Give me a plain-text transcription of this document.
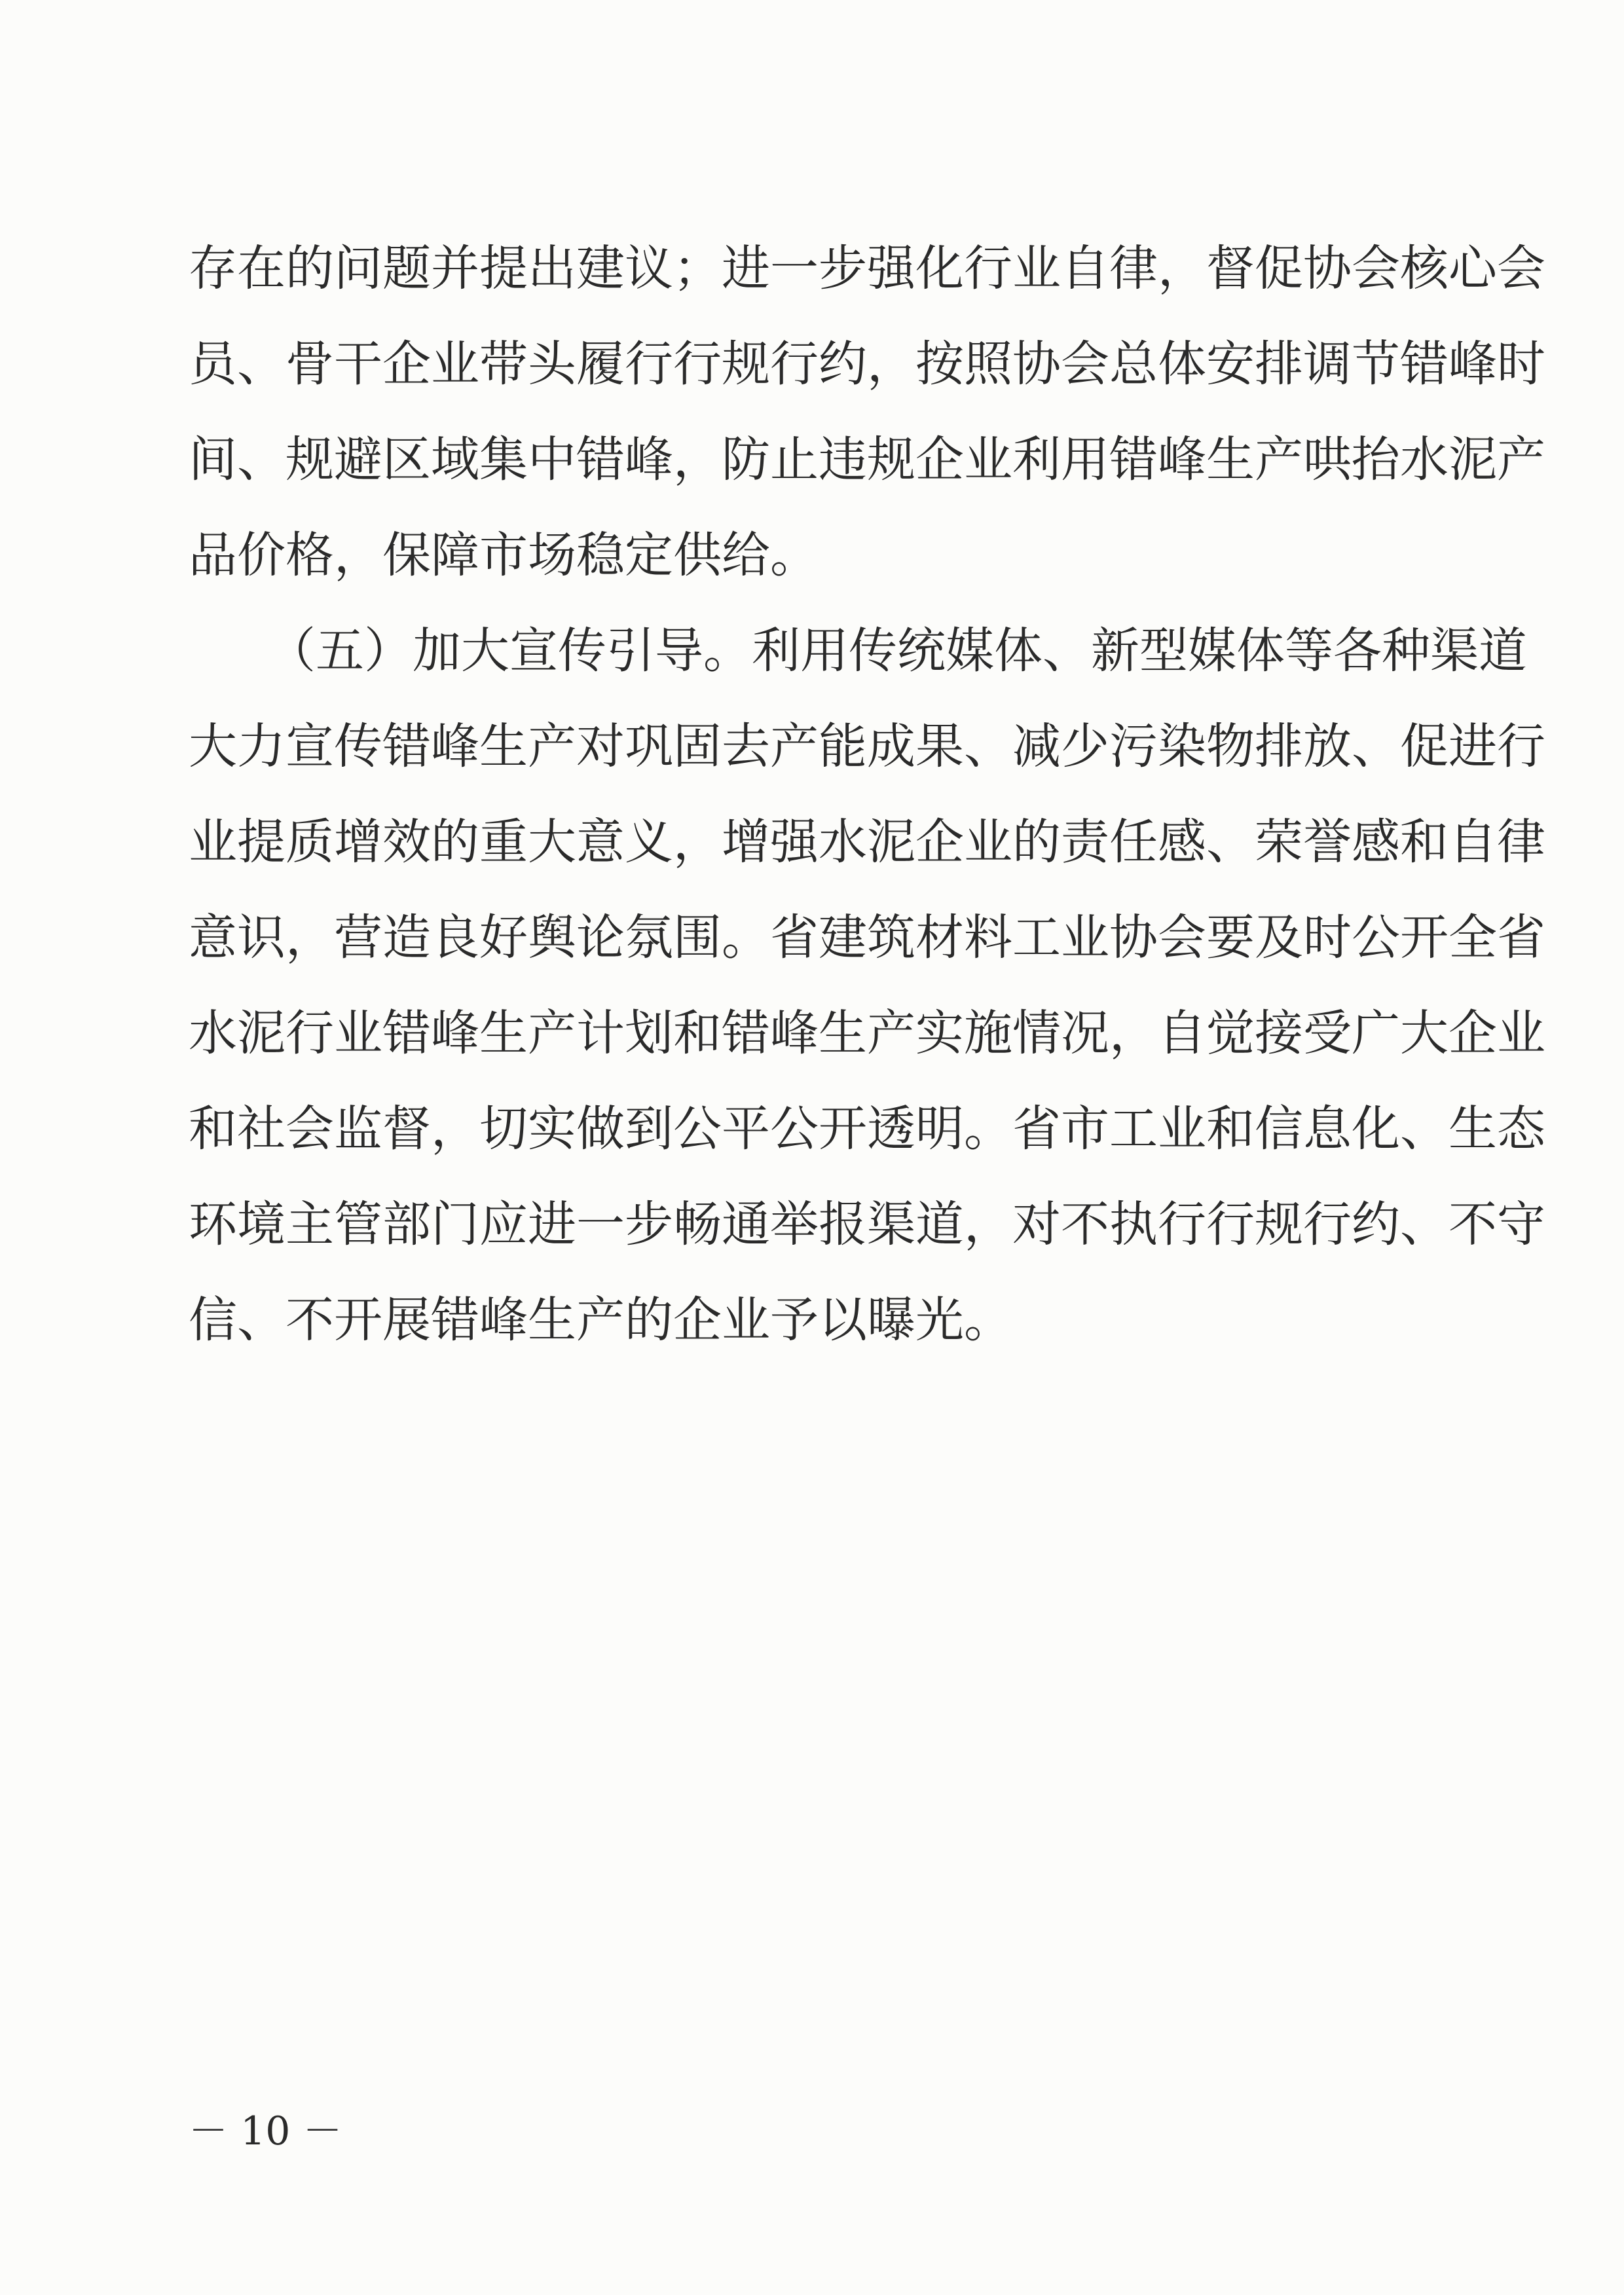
存在的问题并提出建议；进一步强化行业自律，督促协会核心会
员、骨干企业带头履行行规行约，按照协会总体安排调节错峰时
间、规避区域集中错峰，防止违规企业利用错峰生产哄抬水泥产
品价格，保障市场稳定供给。
（五）加大宣传引导。利用传统媒体、新型媒体等各种渠道
大力宣传错峰生产对巩固去产能成果、减少污染物排放、促进行
业提质增效的重大意义，增强水泥企业的责任感、荣誉感和自律
意识，营造良好舆论氛围。省建筑材料工业协会要及时公开全省
水泥行业错峰生产计划和错峰生产实施情况，自觉接受广大企业
和社会监督，切实做到公平公开透明。省市工业和信息化、生态
环境主管部门应进一步畅通举报渠道，对不执行行规行约、不守
信、不开展错峰生产的企业予以曝光。
－ 10 －
